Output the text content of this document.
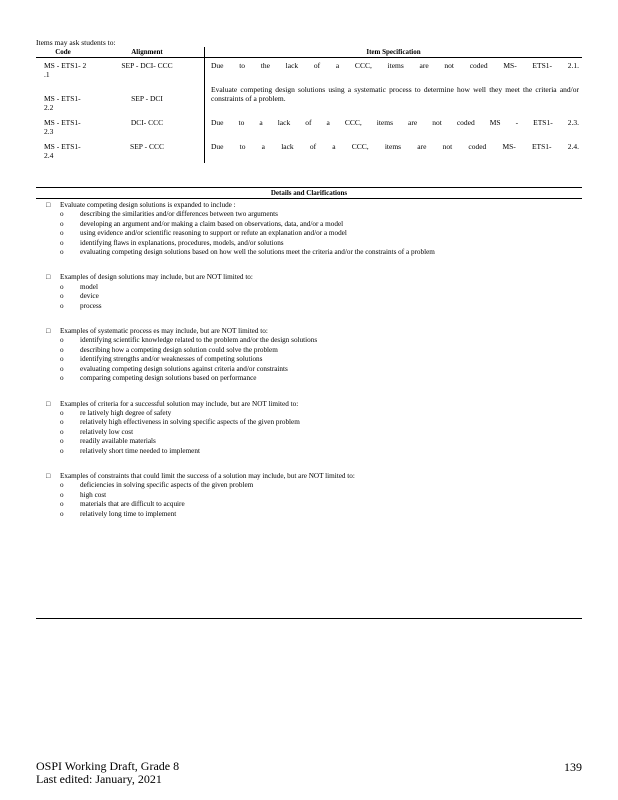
Items may ask students to:
Code	Alignment	Item Specification
MS - ETS1- 2 .1	SEP - DCI- CCC	Due to the lack of a CCC, items are not coded MS- ETS1- 2.1.
MS - ETS1- 2.2	SEP - DCI	Evaluate competing design solutions using a systematic process to determine how well they meet the criteria and/or constraints of a problem.
MS - ETS1- 2.3	DCI- CCC	Due to a lack of a CCC, items are not coded MS - ETS1- 2.3.
MS - ETS1- 2.4	SEP - CCC	Due to a lack of a CCC, items are not coded MS- ETS1- 2.4.
Details and Clarifications
□	Evaluate competing design solutions is expanded to include :
o	describing the similarities and/or differences between two arguments
o	developing an argument and/or making a claim based on observations, data, and/or a model
o	using evidence and/or scientific reasoning to support or refute an explanation and/or a model
o	identifying flaws in explanations, procedures, models, and/or solutions
o	evaluating competing design solutions based on how well the solutions meet the criteria and/or the constraints of a problem
□	Examples of design solutions may include, but are NOT limited to:
o	model
o	device
o	process
□	Examples of systematic process es may include, but are NOT limited to:
o	identifying scientific knowledge related to the problem and/or the design solutions
o	describing how a competing design solution could solve the problem
o	identifying strengths and/or weaknesses of competing solutions
o	evaluating competing design solutions against criteria and/or constraints
o	comparing competing design solutions based on performance
□	Examples of criteria for a successful solution may include, but are NOT limited to:
o	re latively high degree of safety
o	relatively high effectiveness in solving specific aspects of the given problem
o	relatively low cost
o	readily available materials
o	relatively short time needed to implement
□	Examples of constraints that could limit the success of a solution may include, but are NOT limited to:
o	deficiencies in solving specific aspects of the given problem
o	high cost
o	materials that are difficult to acquire
o	relatively long time to implement
OSPI Working Draft, Grade 8
Last edited: January, 2021
139
